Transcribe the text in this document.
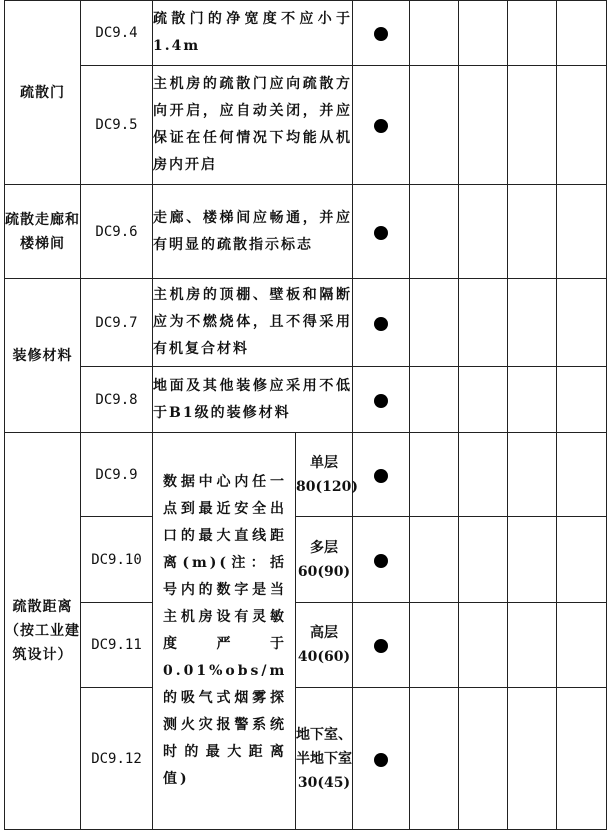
疏散门	DC9.4	疏散门的净宽度不应小于1.4m						
	DC9.5	主机房的疏散门应向疏散方向开启，应自动关闭，并应保证在任何情况下均能从机房内开启						
疏散走廊和楼梯间	DC9.6	走廊、楼梯间应畅通，并应有明显的疏散指示标志						
装修材料	DC9.7	主机房的顶棚、壁板和隔断应为不燃烧体，且不得采用有机复合材料						
	DC9.8	地面及其他装修应采用不低于B1级的装修材料						
疏散距离（按工业建筑设计）	DC9.9	数据中心内任一点到最近安全出口的最大直线距离(m)(注：括号内的数字是当主机房设有灵敏度严于0.01%obs/m的吸气式烟雾探测火灾报警系统时的最大距离值)	单层80(120)					
	DC9.10		多层60(90)					
	DC9.11		高层40(60)					
	DC9.12		地下室、半地下室30(45)					
